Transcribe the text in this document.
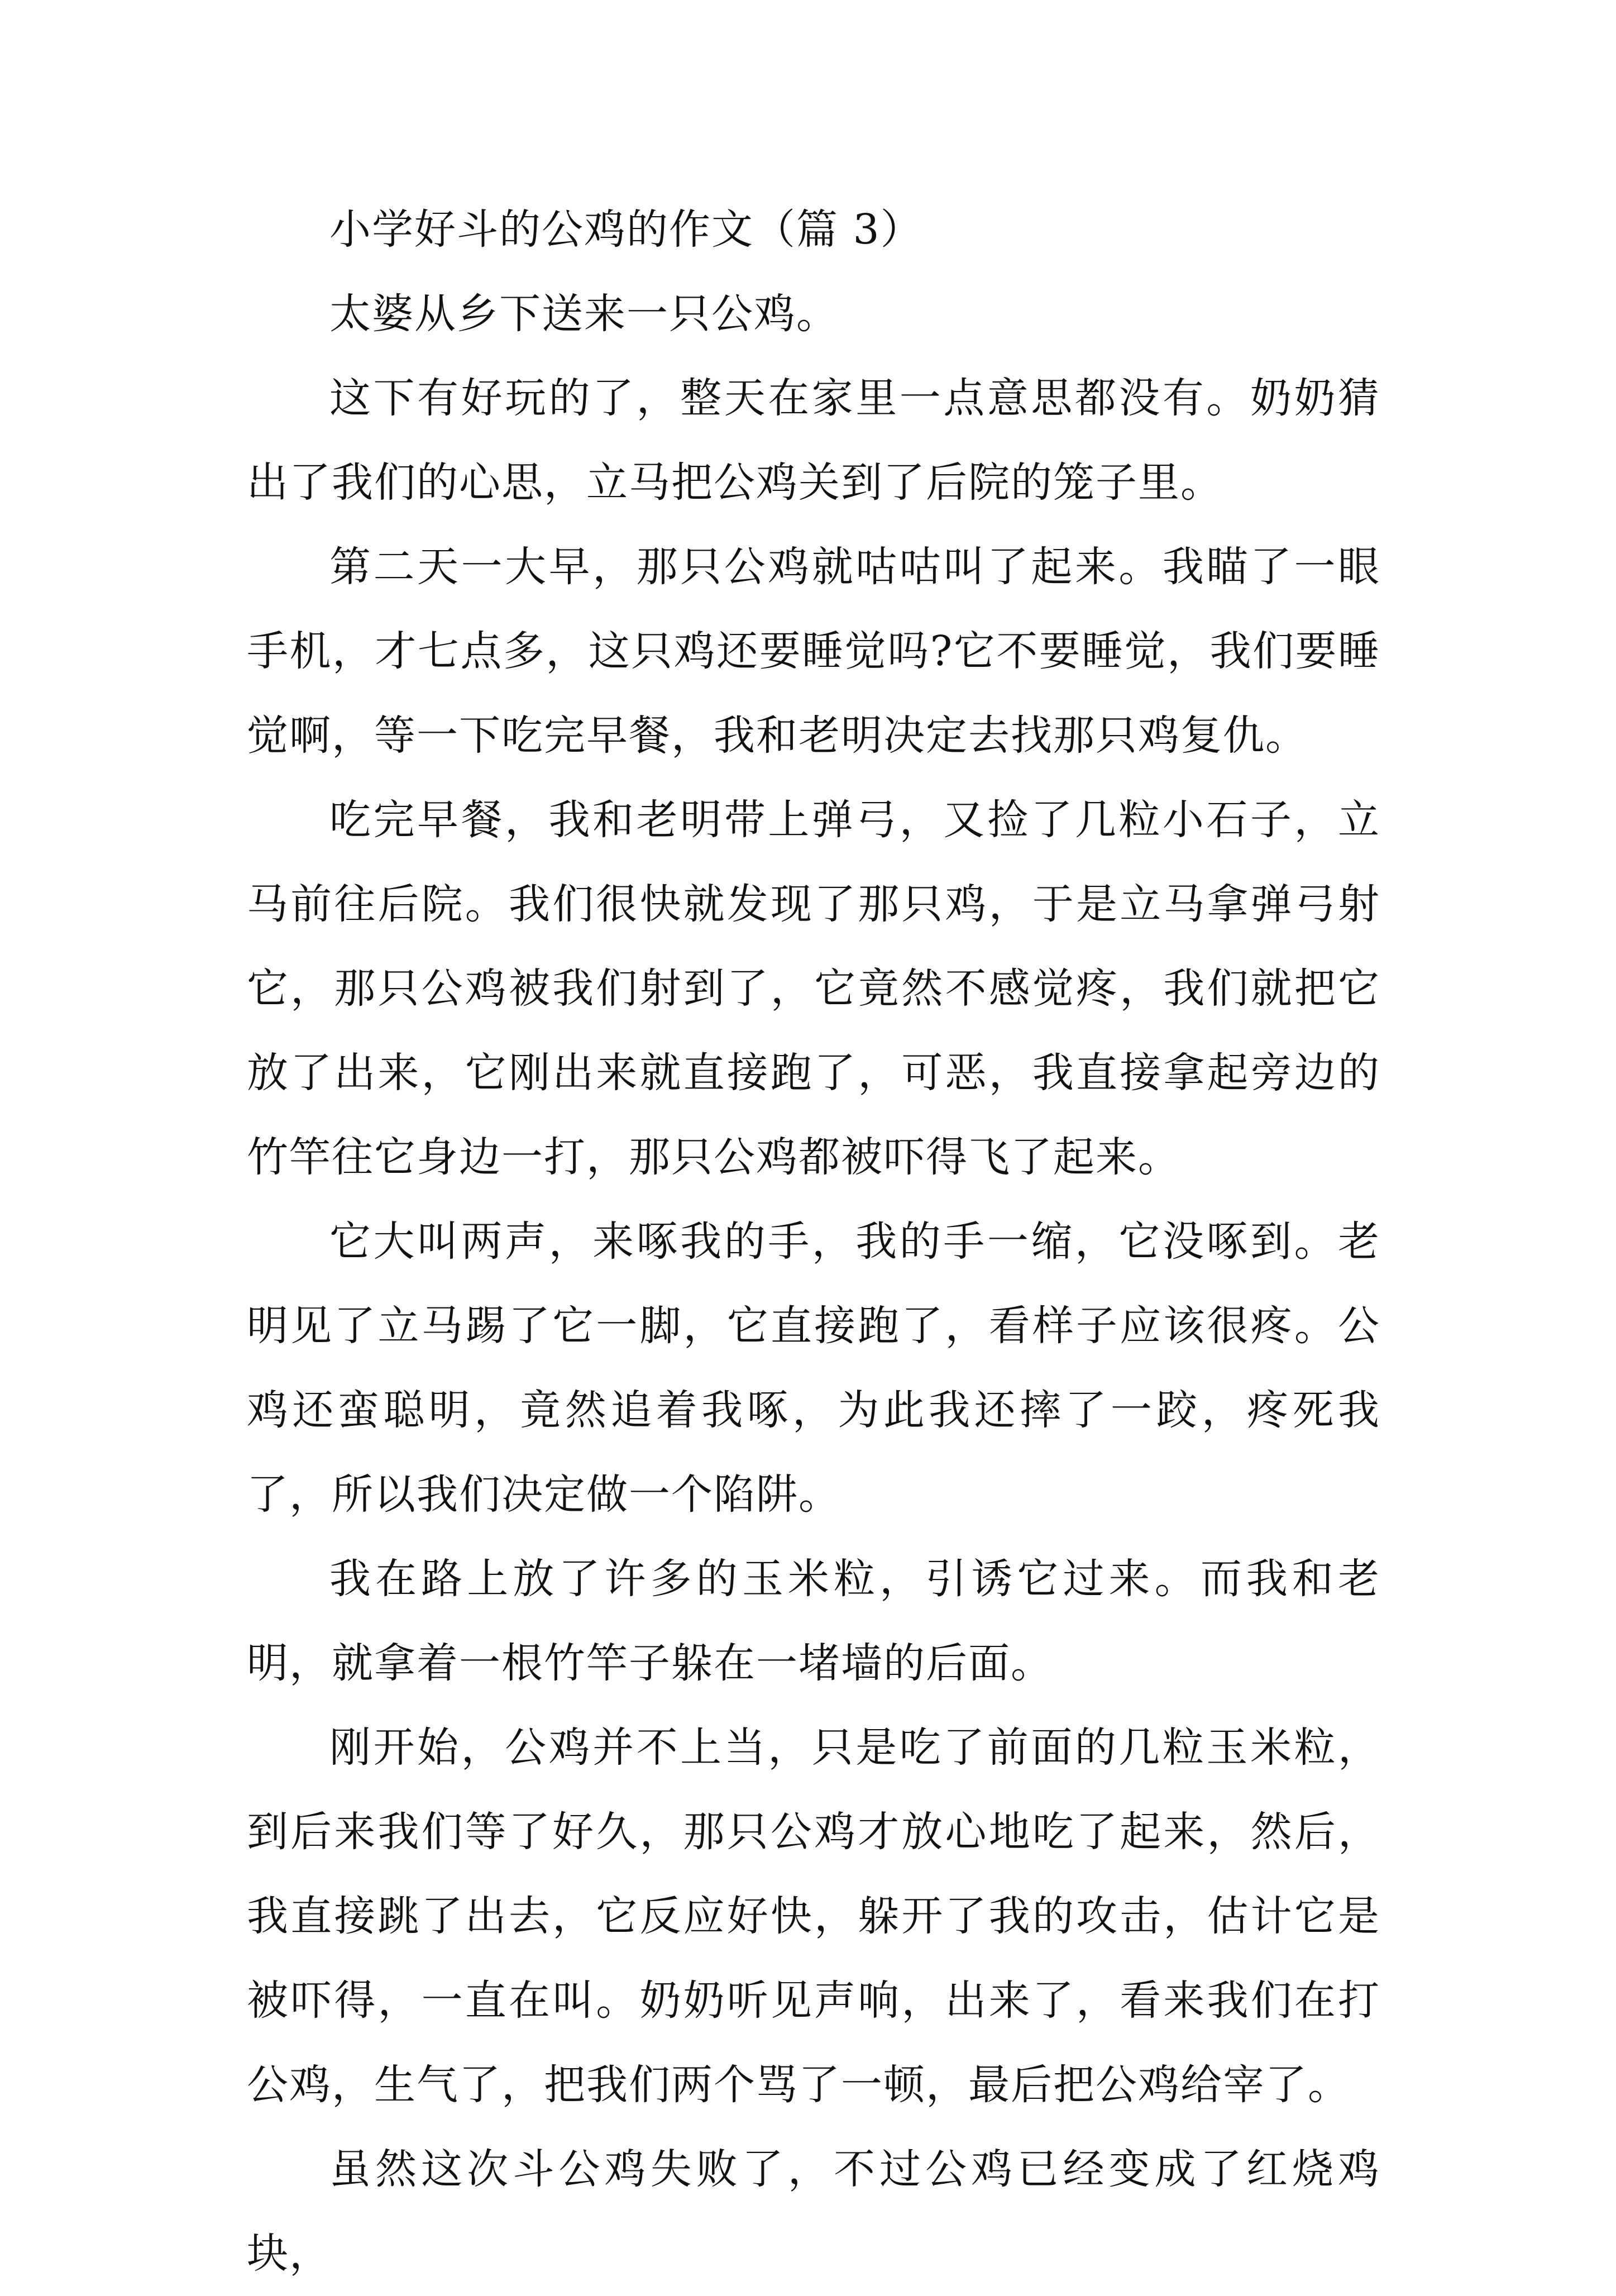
小学好斗的公鸡的作文（篇 3）

太婆从乡下送来一只公鸡。

这下有好玩的了，整天在家里一点意思都没有。奶奶猜出了我们的心思，立马把公鸡关到了后院的笼子里。

第二天一大早，那只公鸡就咕咕叫了起来。我瞄了一眼手机，才七点多，这只鸡还要睡觉吗?它不要睡觉，我们要睡觉啊，等一下吃完早餐，我和老明决定去找那只鸡复仇。

吃完早餐，我和老明带上弹弓，又捡了几粒小石子，立马前往后院。我们很快就发现了那只鸡，于是立马拿弹弓射它，那只公鸡被我们射到了，它竟然不感觉疼，我们就把它放了出来，它刚出来就直接跑了，可恶，我直接拿起旁边的竹竿往它身边一打，那只公鸡都被吓得飞了起来。

它大叫两声，来啄我的手，我的手一缩，它没啄到。老明见了立马踢了它一脚，它直接跑了，看样子应该很疼。公鸡还蛮聪明，竟然追着我啄，为此我还摔了一跤，疼死我了，所以我们决定做一个陷阱。

我在路上放了许多的玉米粒，引诱它过来。而我和老明，就拿着一根竹竿子躲在一堵墙的后面。

刚开始，公鸡并不上当，只是吃了前面的几粒玉米粒，到后来我们等了好久，那只公鸡才放心地吃了起来，然后，我直接跳了出去，它反应好快，躲开了我的攻击，估计它是被吓得，一直在叫。奶奶听见声响，出来了，看来我们在打公鸡，生气了，把我们两个骂了一顿，最后把公鸡给宰了。

虽然这次斗公鸡失败了，不过公鸡已经变成了红烧鸡块，
